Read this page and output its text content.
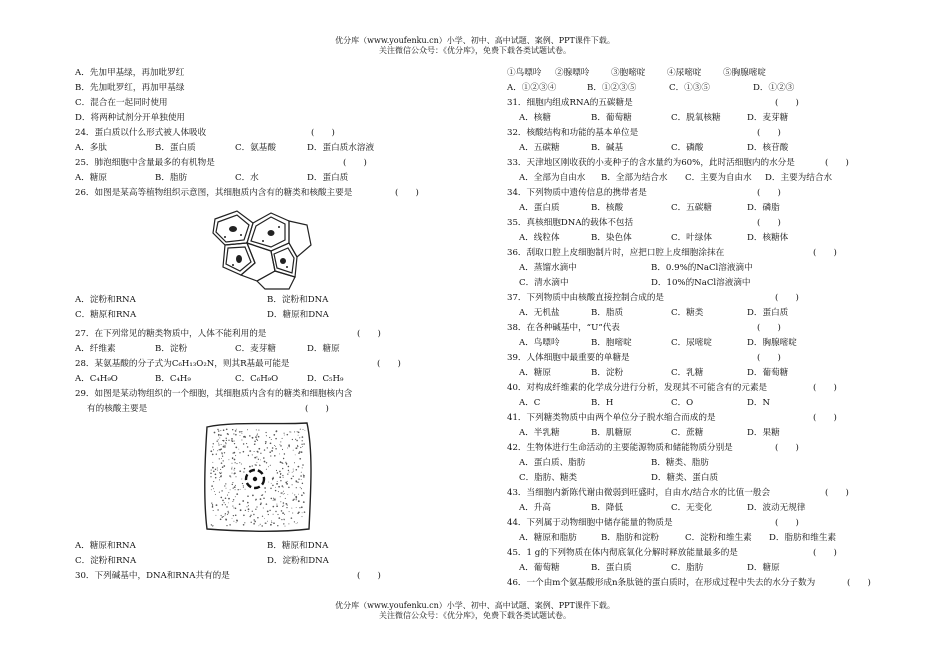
优分库（www.youfenku.cn）小学、初中、高中试题、案例、PPT课件下载。
关注微信公众号：《优分库》，免费下载各类试题试卷。
A．先加甲基绿，再加吡罗红
B．先加吡罗红，再加甲基绿
C．混合在一起同时使用
D．将两种试剂分开单独使用
24．蛋白质以什么形式被人体吸收	(　　)
A．多肽	B．蛋白质	C．氨基酸	D．蛋白质水溶液
25．肺泡细胞中含量最多的有机物是	(　　)
A．糖原	B．脂肪	C．水	D．蛋白质
26．如图是某高等植物组织示意图，其细胞质内含有的糖类和核酸主要是	(　　)
A．淀粉和RNA	B．淀粉和DNA
C．糖原和RNA	D．糖原和DNA
27．在下列常见的糖类物质中，人体不能利用的是	(　　)
A．纤维素	B．淀粉	C．麦芽糖	D．糖原
28．某氨基酸的分子式为C₆H₁₃O₂N，则其R基最可能是	(　　)
A．C₄H₉O	B．C₄H₉	C．C₆H₉O	D．C₅H₉
29．如图是某动物组织的一个细胞，其细胞质内含有的糖类和细胞核内含
有的核酸主要是	(　　)
A．糖原和RNA	B．糖原和DNA
C．淀粉和RNA	D．淀粉和DNA
30．下列碱基中，DNA和RNA共有的是	(　　)
①鸟嘌呤 ②腺嘌呤	③胞嘧啶	④尿嘧啶	⑤胸腺嘧啶
A．①②③④	B．①②③⑤	C．①③⑤	D．①②③
31．细胞内组成RNA的五碳糖是	(　　)
A．核糖	B．葡萄糖	C．脱氧核糖	D．麦芽糖
32．核酸结构和功能的基本单位是	(　　)
A．五碳糖	B．碱基	C．磷酸	D．核苷酸
33．天津地区刚收获的小麦种子的含水量约为60%，此时活细胞内的水分是	(　　)
A．全部为自由水 B．全部为结合水 C．主要为自由水 D．主要为结合水
34．下列物质中遗传信息的携带者是	(　　)
A．蛋白质	B．核酸	C．五碳糖	D．磷脂
35．真核细胞DNA的载体不包括	(　　)
A．线粒体	B．染色体	C．叶绿体	D．核糖体
36．刮取口腔上皮细胞制片时，应把口腔上皮细胞涂抹在	(　　)
A．蒸馏水滴中	B．0.9%的NaCl溶液滴中
C．清水滴中	D．10%的NaCl溶液滴中
37．下列物质中由核酸直接控制合成的是	(　　)
A．无机盐	B．脂质	C．糖类	D．蛋白质
38．在各种碱基中，“U”代表	(　　)
A．鸟嘌呤	B．胞嘧啶	C．尿嘧啶	D．胸腺嘧啶
39．人体细胞中最重要的单糖是	(　　)
A．糖原	B．淀粉	C．乳糖	D．葡萄糖
40．对构成纤维素的化学成分进行分析，发现其不可能含有的元素是	(　　)
A．C	B．H	C．O	D．N
41．下列糖类物质中由两个单位分子脱水缩合而成的是	(　　)
A．半乳糖	B．肌糖原	C．蔗糖	D．果糖
42．生物体进行生命活动的主要能源物质和储能物质分别是	(　　)
A．蛋白质、脂肪	B．糖类、脂肪
C．脂肪、糖类	D．糖类、蛋白质
43．当细胞内新陈代谢由微弱到旺盛时，自由水/结合水的比值一般会	(　　)
A．升高	B．降低	C．无变化	D．波动无规律
44．下列属于动物细胞中储存能量的物质是	(　　)
A．糖原和脂肪	B．脂肪和淀粉	C．淀粉和维生素 D．脂肪和维生素
45．1 g的下列物质在体内彻底氧化分解时释放能量最多的是	(　　)
A．葡萄糖	B．蛋白质	C．脂肪	D．糖原
46．一个由m个氨基酸形成n条肽链的蛋白质时，在形成过程中失去的水分子数为	(　　)
优分库（www.youfenku.cn）小学、初中、高中试题、案例、PPT课件下载。
关注微信公众号：《优分库》，免费下载各类试题试卷。
